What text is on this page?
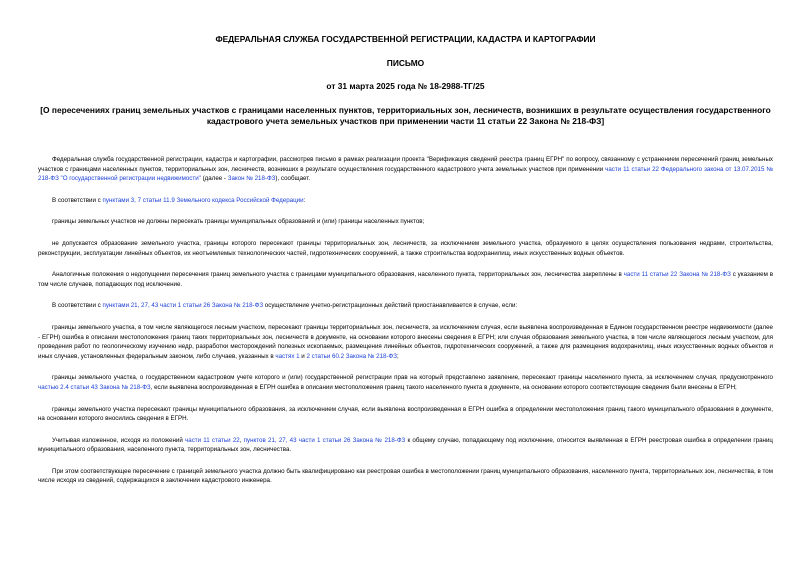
ФЕДЕРАЛЬНАЯ СЛУЖБА ГОСУДАРСТВЕННОЙ РЕГИСТРАЦИИ, КАДАСТРА И КАРТОГРАФИИ
ПИСЬМО
от 31 марта 2025 года № 18-2988-ТГ/25
[О пересечениях границ земельных участков с границами населенных пунктов, территориальных зон, лесничеств, возникших в результате осуществления государственного кадастрового учета земельных участков при применении части 11 статьи 22 Закона № 218-ФЗ]

Федеральная служба государственной регистрации, кадастра и картографии, рассмотрев письмо в рамках реализации проекта "Верификация сведений реестра границ ЕГРН" по вопросу, связанному с устранением пересечений границ земельных участков с границами населенных пунктов, территориальных зон, лесничеств, возникших в результате осуществления государственного кадастрового учета земельных участков при применении части 11 статьи 22 Федерального закона от 13.07.2015 № 218-ФЗ "О государственной регистрации недвижимости" (далее - Закон № 218-ФЗ), сообщает.

В соответствии с пунктами 3, 7 статьи 11.9 Земельного кодекса Российской Федерации:

границы земельных участков не должны пересекать границы муниципальных образований и (или) границы населенных пунктов;

не допускается образование земельного участка, границы которого пересекают границы территориальных зон, лесничеств, за исключением земельного участка, образуемого в целях осуществления пользования недрами, строительства, реконструкции, эксплуатации линейных объектов, их неотъемлемых технологических частей, гидротехнических сооружений, а также строительства водохранилищ, иных искусственных водных объектов.

Аналогичные положения о недопущении пересечения границ земельного участка с границами муниципального образования, населенного пункта, территориальных зон, лесничества закреплены в части 11 статьи 22 Закона № 218-ФЗ с указанием в том числе случаев, попадающих под исключение.

В соответствии с пунктами 21, 27, 43 части 1 статьи 26 Закона № 218-ФЗ осуществление учетно-регистрационных действий приостанавливается в случае, если:

границы земельного участка, в том числе являющегося лесным участком, пересекают границы территориальных зон, лесничеств, за исключением случая, если выявлена воспроизведенная в Едином государственном реестре недвижимости (далее - ЕГРН) ошибка в описании местоположения границ таких территориальных зон, лесничеств в документе, на основании которого внесены сведения в ЕГРН; или случая образования земельного участка, в том числе являющегося лесным участком, для проведения работ по геологическому изучению недр, разработки месторождений полезных ископаемых, размещения линейных объектов, гидротехнических сооружений, а также для размещения водохранилищ, иных искусственных водных объектов и иных случаев, установленных федеральным законом, либо случаев, указанных в частях 1 и 2 статьи 60.2 Закона № 218-ФЗ;

границы земельного участка, о государственном кадастровом учете которого и (или) государственной регистрации прав на который представлено заявление, пересекают границы населенного пункта, за исключением случая, предусмотренного частью 2.4 статьи 43 Закона № 218-ФЗ, если выявлена воспроизведенная в ЕГРН ошибка в описании местоположения границ такого населенного пункта в документе, на основании которого соответствующие сведения были внесены в ЕГРН;

границы земельного участка пересекают границы муниципального образования, за исключением случая, если выявлена воспроизведенная в ЕГРН ошибка в определении местоположения границ такого муниципального образования в документе, на основании которого вносились сведения в ЕГРН.

Учитывая изложенное, исходя из положений части 11 статьи 22, пунктов 21, 27, 43 части 1 статьи 26 Закона № 218-ФЗ к общему случаю, попадающему под исключение, относится выявленная в ЕГРН реестровая ошибка в определении границ муниципального образования, населенного пункта, территориальных зон, лесничества.

При этом соответствующее пересечение с границей земельного участка должно быть квалифицировано как реестровая ошибка в местоположении границ муниципального образования, населенного пункта, территориальных зон, лесничества, в том числе исходя из сведений, содержащихся в заключении кадастрового инженера.
